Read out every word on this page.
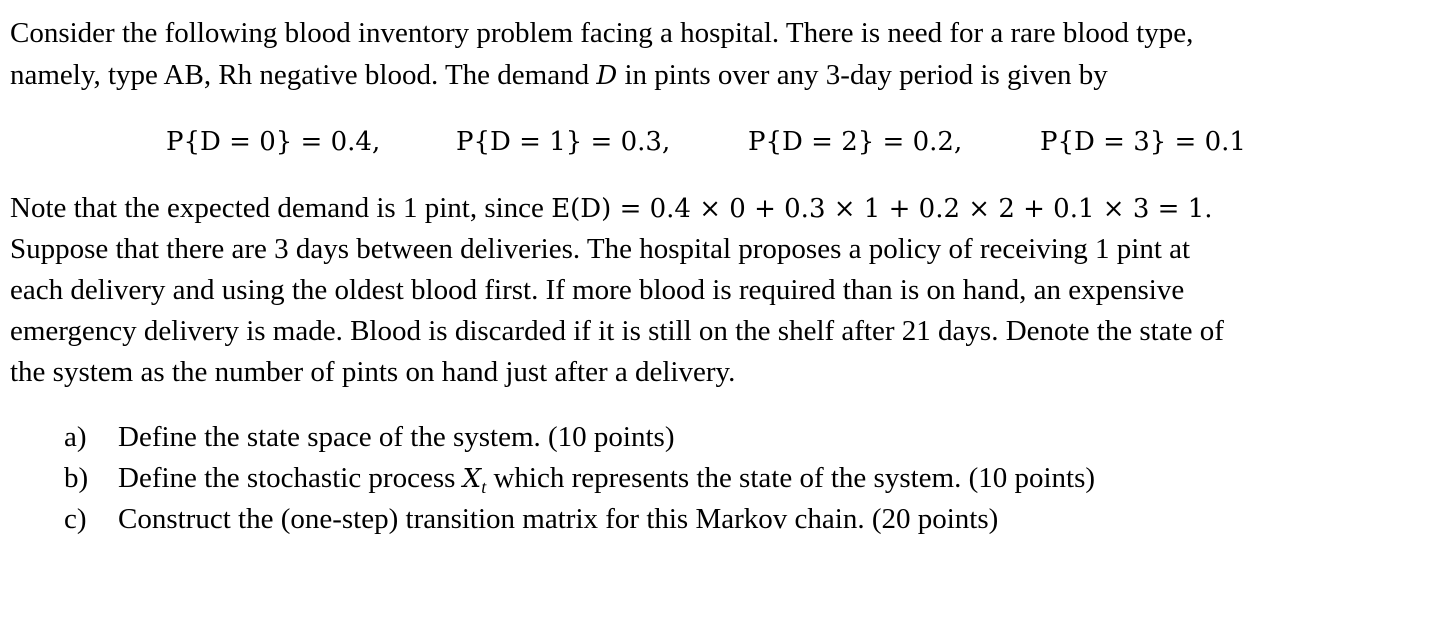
Consider the following blood inventory problem facing a hospital. There is need for a rare blood type,

namely, type AB, Rh negative blood. The demand D in pints over any 3-day period is given by

P{D = 0} = 0.4,	P{D = 1} = 0.3,	P{D = 2} = 0.2,	P{D = 3} = 0.1

Note that the expected demand is 1 pint, since E(D) = 0.4 × 0 + 0.3 × 1 + 0.2 × 2 + 0.1 × 3 = 1.

Suppose that there are 3 days between deliveries. The hospital proposes a policy of receiving 1 pint at

each delivery and using the oldest blood first. If more blood is required than is on hand, an expensive

emergency delivery is made. Blood is discarded if it is still on the shelf after 21 days. Denote the state of

the system as the number of pints on hand just after a delivery.

a) Define the state space of the system. (10 points)
b) Define the stochastic process $X_t$ which represents the state of the system. (10 points)
c) Construct the (one-step) transition matrix for this Markov chain. (20 points)
